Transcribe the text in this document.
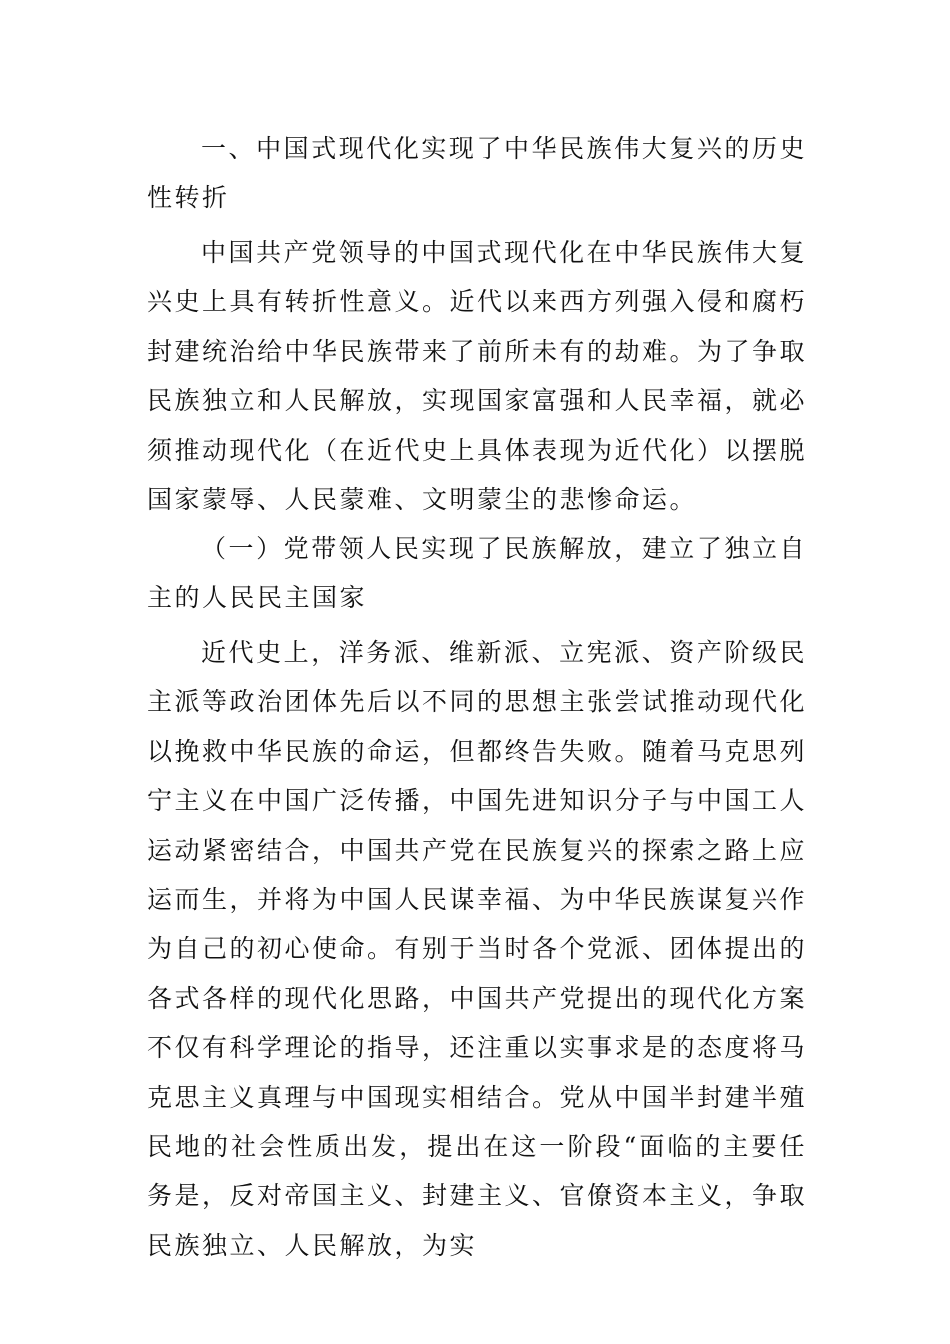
一、中国式现代化实现了中华民族伟大复兴的历史性转折

中国共产党领导的中国式现代化在中华民族伟大复兴史上具有转折性意义。近代以来西方列强入侵和腐朽封建统治给中华民族带来了前所未有的劫难。为了争取民族独立和人民解放，实现国家富强和人民幸福，就必须推动现代化（在近代史上具体表现为近代化）以摆脱国家蒙辱、人民蒙难、文明蒙尘的悲惨命运。

（一）党带领人民实现了民族解放，建立了独立自主的人民民主国家

近代史上，洋务派、维新派、立宪派、资产阶级民主派等政治团体先后以不同的思想主张尝试推动现代化以挽救中华民族的命运，但都终告失败。随着马克思列宁主义在中国广泛传播，中国先进知识分子与中国工人运动紧密结合，中国共产党在民族复兴的探索之路上应运而生，并将为中国人民谋幸福、为中华民族谋复兴作为自己的初心使命。有别于当时各个党派、团体提出的各式各样的现代化思路，中国共产党提出的现代化方案不仅有科学理论的指导，还注重以实事求是的态度将马克思主义真理与中国现实相结合。党从中国半封建半殖民地的社会性质出发，提出在这一阶段“面临的主要任务是，反对帝国主义、封建主义、官僚资本主义，争取民族独立、人民解放，为实
